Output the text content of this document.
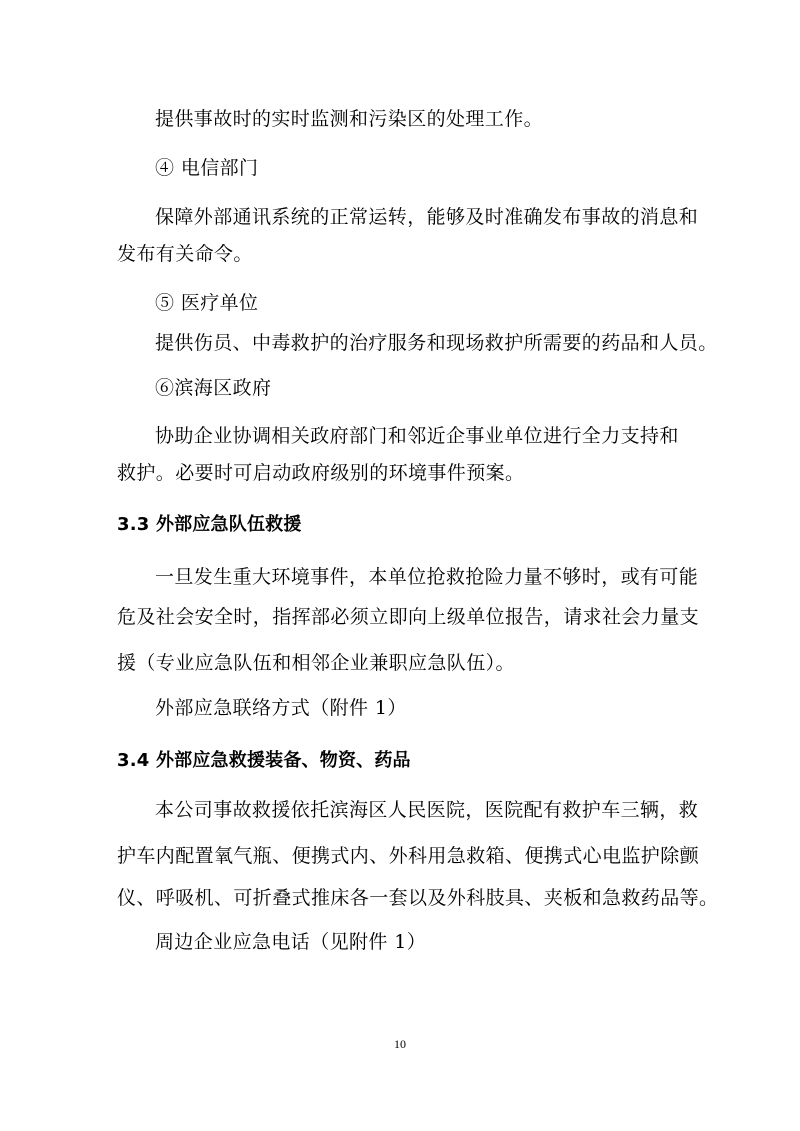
提供事故时的实时监测和污染区的处理工作。
④ 电信部门
保障外部通讯系统的正常运转，能够及时准确发布事故的消息和
发布有关命令。
⑤ 医疗单位
提供伤员、中毒救护的治疗服务和现场救护所需要的药品和人员。
⑥滨海区政府
协助企业协调相关政府部门和邻近企事业单位进行全力支持和
救护。必要时可启动政府级别的环境事件预案。
3.3 外部应急队伍救援
一旦发生重大环境事件，本单位抢救抢险力量不够时，或有可能
危及社会安全时，指挥部必须立即向上级单位报告，请求社会力量支
援（专业应急队伍和相邻企业兼职应急队伍）。
外部应急联络方式（附件 1）
3.4 外部应急救援装备、物资、药品
本公司事故救援依托滨海区人民医院，医院配有救护车三辆，救
护车内配置氧气瓶、便携式内、外科用急救箱、便携式心电监护除颤
仪、呼吸机、可折叠式推床各一套以及外科肢具、夹板和急救药品等。
周边企业应急电话（见附件 1）
10
